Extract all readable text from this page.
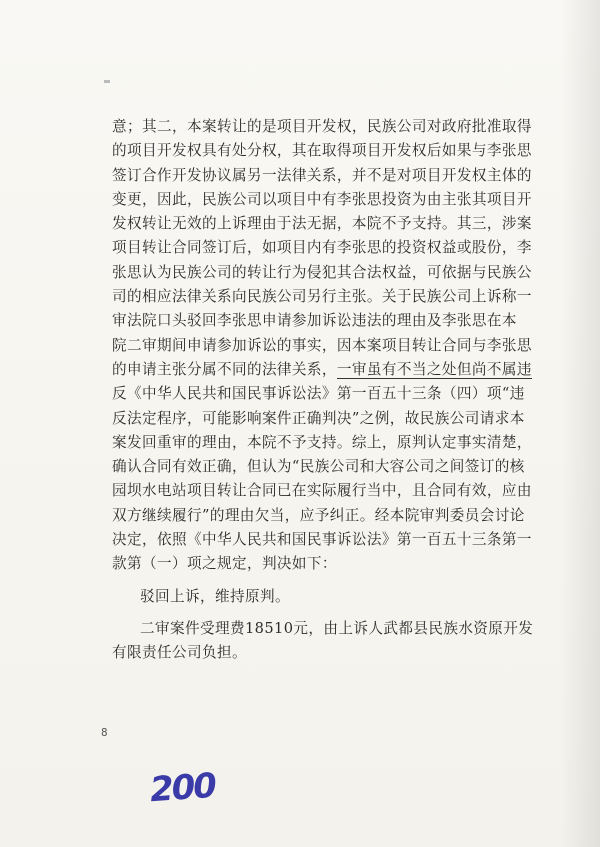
意；其二，本案转让的是项目开发权，民族公司对政府批准取得
的项目开发权具有处分权，其在取得项目开发权后如果与李张思
签订合作开发协议属另一法律关系，并不是对项目开发权主体的
变更，因此，民族公司以项目中有李张思投资为由主张其项目开
发权转让无效的上诉理由于法无据，本院不予支持。其三，涉案
项目转让合同签订后，如项目内有李张思的投资权益或股份，李
张思认为民族公司的转让行为侵犯其合法权益，可依据与民族公
司的相应法律关系向民族公司另行主张。关于民族公司上诉称一
审法院口头驳回李张思申请参加诉讼违法的理由及李张思在本
院二审期间申请参加诉讼的事实，因本案项目转让合同与李张思
的申请主张分属不同的法律关系，一审虽有不当之处但尚不属违
反《中华人民共和国民事诉讼法》第一百五十三条（四）项“违
反法定程序，可能影响案件正确判决”之例，故民族公司请求本
案发回重审的理由，本院不予支持。综上，原判认定事实清楚，
确认合同有效正确，但认为“民族公司和大容公司之间签订的核
园坝水电站项目转让合同已在实际履行当中，且合同有效，应由
双方继续履行”的理由欠当，应予纠正。经本院审判委员会讨论
决定，依照《中华人民共和国民事诉讼法》第一百五十三条第一
款第（一）项之规定，判决如下：
驳回上诉，维持原判。
二审案件受理费18510元，由上诉人武都县民族水资原开发
有限责任公司负担。
8
200
